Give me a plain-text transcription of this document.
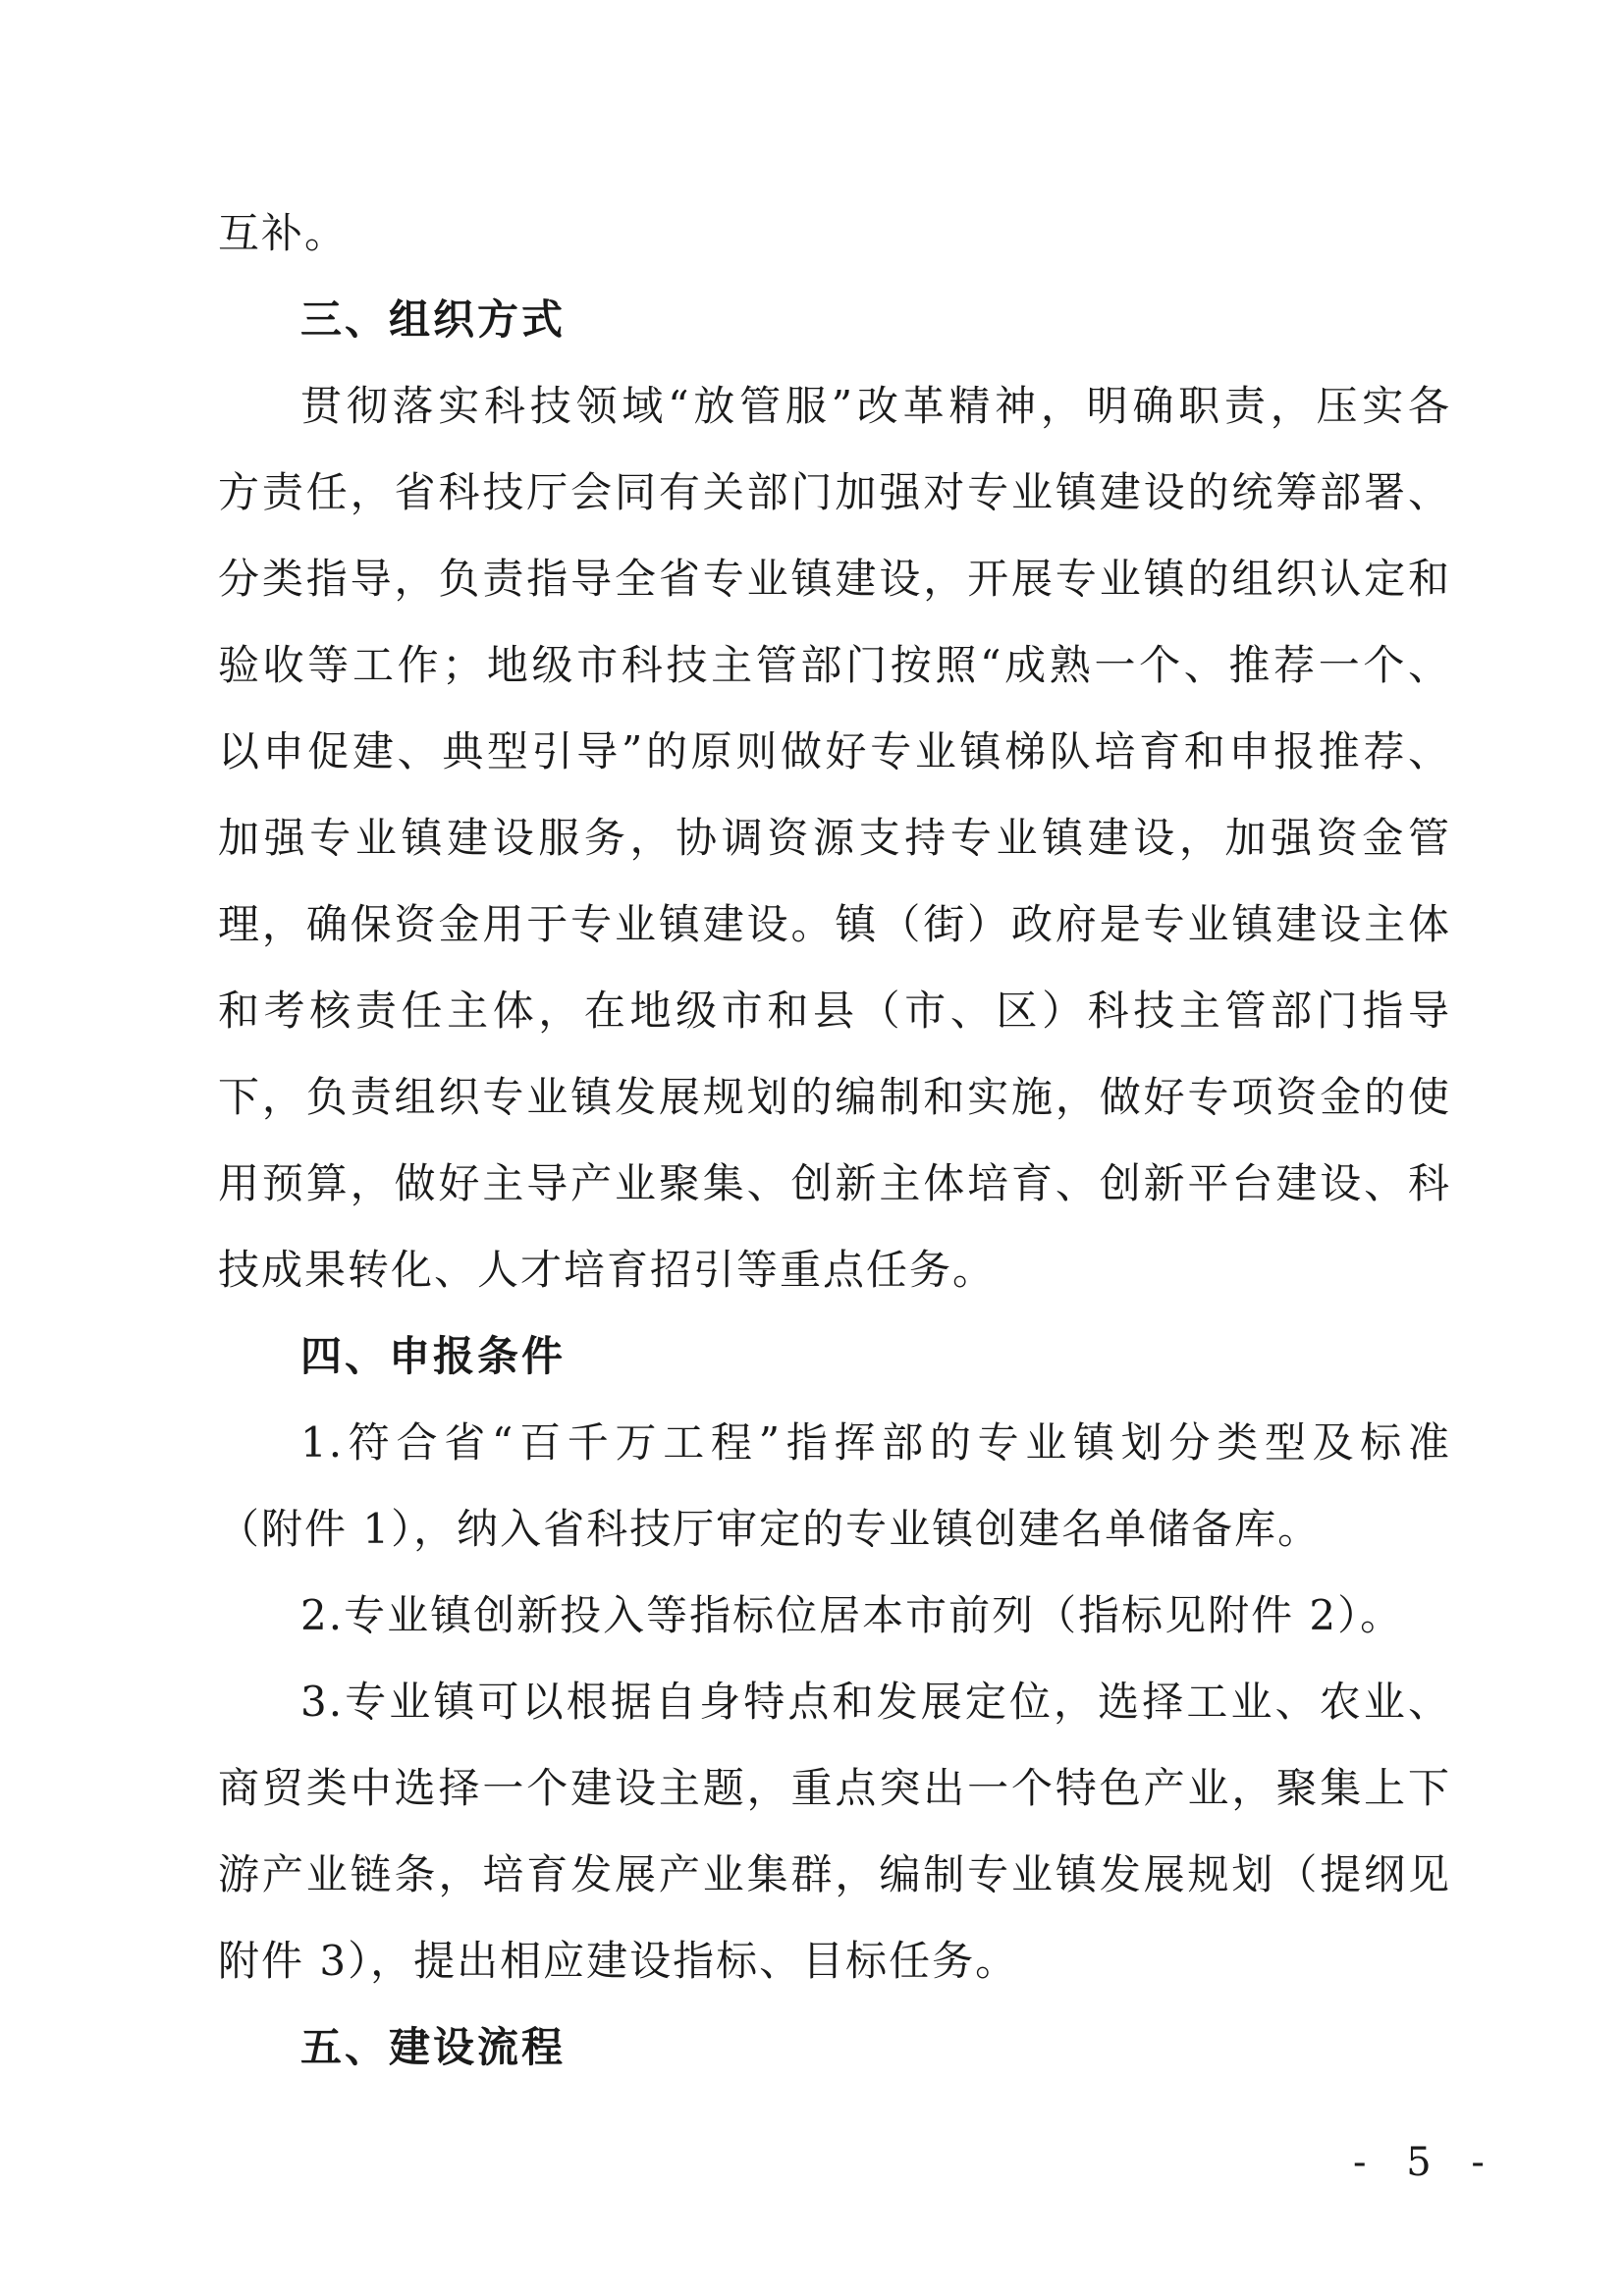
互补。
三、组织方式
贯彻落实科技领域“放管服”改革精神，明确职责，压实各
方责任，省科技厅会同有关部门加强对专业镇建设的统筹部署、
分类指导，负责指导全省专业镇建设，开展专业镇的组织认定和
验收等工作；地级市科技主管部门按照“成熟一个、推荐一个、
以申促建、典型引导”的原则做好专业镇梯队培育和申报推荐、
加强专业镇建设服务，协调资源支持专业镇建设，加强资金管
理，确保资金用于专业镇建设。镇（街）政府是专业镇建设主体
和考核责任主体，在地级市和县（市、区）科技主管部门指导
下，负责组织专业镇发展规划的编制和实施，做好专项资金的使
用预算，做好主导产业聚集、创新主体培育、创新平台建设、科
技成果转化、人才培育招引等重点任务。
四、申报条件
1.符合省“百千万工程”指挥部的专业镇划分类型及标准
（附件 1），纳入省科技厅审定的专业镇创建名单储备库。
2.专业镇创新投入等指标位居本市前列（指标见附件 2）。
3.专业镇可以根据自身特点和发展定位，选择工业、农业、
商贸类中选择一个建设主题，重点突出一个特色产业，聚集上下
游产业链条，培育发展产业集群，编制专业镇发展规划（提纲见
附件 3），提出相应建设指标、目标任务。
五、建设流程
- 5 -
